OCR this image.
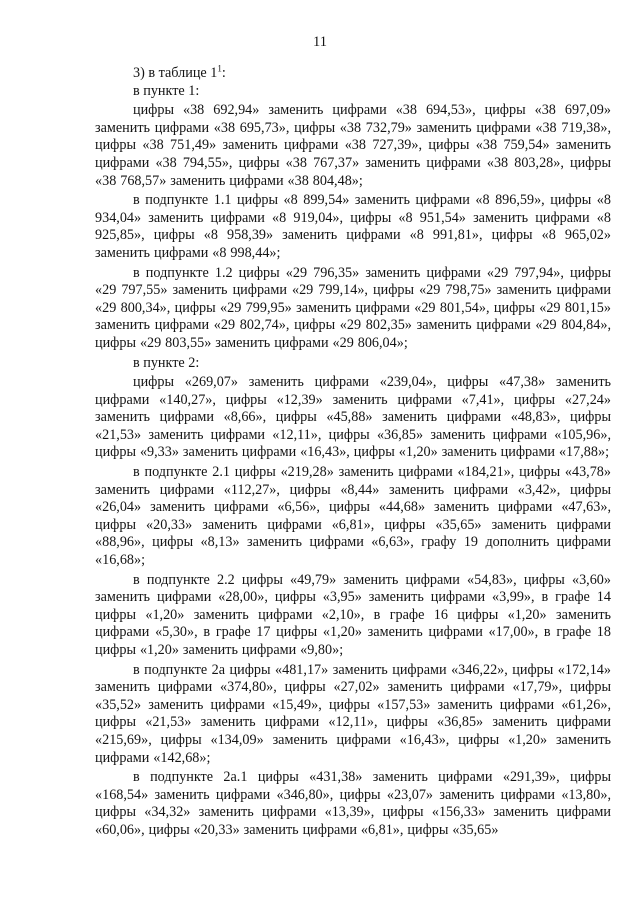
11

3) в таблице $1^1$:

в пункте 1:

цифры «38 692,94» заменить цифрами «38 694,53», цифры «38 697,09» заменить цифрами «38 695,73», цифры «38 732,79» заменить цифрами «38 719,38», цифры «38 751,49» заменить цифрами «38 727,39», цифры «38 759,54» заменить цифрами «38 794,55», цифры «38 767,37» заменить цифрами «38 803,28», цифры «38 768,57» заменить цифрами «38 804,48»;

в подпункте 1.1 цифры «8 899,54» заменить цифрами «8 896,59», цифры «8 934,04» заменить цифрами «8 919,04», цифры «8 951,54» заменить цифрами «8 925,85», цифры «8 958,39» заменить цифрами «8 991,81», цифры «8 965,02» заменить цифрами «8 998,44»;

в подпункте 1.2 цифры «29 796,35» заменить цифрами «29 797,94», цифры «29 797,55» заменить цифрами «29 799,14», цифры «29 798,75» заменить цифрами «29 800,34», цифры «29 799,95» заменить цифрами «29 801,54», цифры «29 801,15» заменить цифрами «29 802,74», цифры «29 802,35» заменить цифрами «29 804,84», цифры «29 803,55» заменить цифрами «29 806,04»;

в пункте 2:

цифры «269,07» заменить цифрами «239,04», цифры «47,38» заменить цифрами «140,27», цифры «12,39» заменить цифрами «7,41», цифры «27,24» заменить цифрами «8,66», цифры «45,88» заменить цифрами «48,83», цифры «21,53» заменить цифрами «12,11», цифры «36,85» заменить цифрами «105,96», цифры «9,33» заменить цифрами «16,43», цифры «1,20» заменить цифрами «17,88»;

в подпункте 2.1 цифры «219,28» заменить цифрами «184,21», цифры «43,78» заменить цифрами «112,27», цифры «8,44» заменить цифрами «3,42», цифры «26,04» заменить цифрами «6,56», цифры «44,68» заменить цифрами «47,63», цифры «20,33» заменить цифрами «6,81», цифры «35,65» заменить цифрами «88,96», цифры «8,13» заменить цифрами «6,63», графу 19 дополнить цифрами «16,68»;

в подпункте 2.2 цифры «49,79» заменить цифрами «54,83», цифры «3,60» заменить цифрами «28,00», цифры «3,95» заменить цифрами «3,99», в графе 14 цифры «1,20» заменить цифрами «2,10», в графе 16 цифры «1,20» заменить цифрами «5,30», в графе 17 цифры «1,20» заменить цифрами «17,00», в графе 18 цифры «1,20» заменить цифрами «9,80»;

в подпункте 2а цифры «481,17» заменить цифрами «346,22», цифры «172,14» заменить цифрами «374,80», цифры «27,02» заменить цифрами «17,79», цифры «35,52» заменить цифрами «15,49», цифры «157,53» заменить цифрами «61,26», цифры «21,53» заменить цифрами «12,11», цифры «36,85» заменить цифрами «215,69», цифры «134,09» заменить цифрами «16,43», цифры «1,20» заменить цифрами «142,68»;

в подпункте 2а.1 цифры «431,38» заменить цифрами «291,39», цифры «168,54» заменить цифрами «346,80», цифры «23,07» заменить цифрами «13,80», цифры «34,32» заменить цифрами «13,39», цифры «156,33» заменить цифрами «60,06», цифры «20,33» заменить цифрами «6,81», цифры «35,65»
